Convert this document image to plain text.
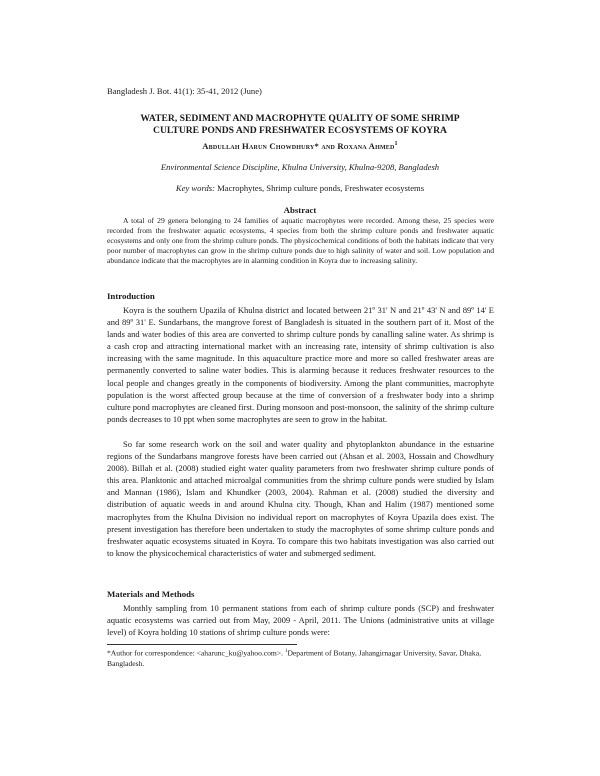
Bangladesh J. Bot. 41(1): 35-41, 2012 (June)
WATER, SEDIMENT AND MACROPHYTE QUALITY OF SOME SHRIMP
CULTURE PONDS AND FRESHWATER ECOSYSTEMS OF KOYRA
Abdullah Harun Chowdhury* and Roxana Ahmed$^1$
Environmental Science Discipline, Khulna University, Khulna-9208, Bangladesh
Key words: Macrophytes, Shrimp culture ponds, Freshwater ecosystems
Abstract
A total of 29 genera belonging to 24 families of aquatic macrophytes were recorded. Among these, 25 species were recorded from the freshwater aquatic ecosystems, 4 species from both the shrimp culture ponds and freshwater aquatic ecosystems and only one from the shrimp culture ponds. The physicochemical conditions of both the habitats indicate that very poor number of macrophytes can grow in the shrimp culture ponds due to high salinity of water and soil. Low population and abundance indicate that the macrophytes are in alarming condition in Koyra due to increasing salinity.
Introduction

Koyra is the southern Upazila of Khulna district and located between 21º 31' N and 21º 43' N and 89º 14' E and 89º 31' E. Sundarbans, the mangrove forest of Bangladesh is situated in the southern part of it. Most of the lands and water bodies of this area are converted to shrimp culture ponds by canalling saline water. As shrimp is a cash crop and attracting international market with an increasing rate, intensity of shrimp cultivation is also increasing with the same magnitude. In this aquaculture practice more and more so called freshwater areas are permanently converted to saline water bodies. This is alarming because it reduces freshwater resources to the local people and changes greatly in the components of biodiversity. Among the plant communities, macrophyte population is the worst affected group because at the time of conversion of a freshwater body into a shrimp culture pond macrophytes are cleaned first. During monsoon and post-monsoon, the salinity of the shrimp culture ponds decreases to 10 ppt when some macrophytes are seen to grow in the habitat.

So far some research work on the soil and water quality and phytoplankton abundance in the estuarine regions of the Sundarbans mangrove forests have been carried out (Ahsan et al. 2003, Hossain and Chowdhury 2008). Billah et al. (2008) studied eight water quality parameters from two freshwater shrimp culture ponds of this area. Planktonic and attached microalgal communities from the shrimp culture ponds were studied by Islam and Mannan (1986), Islam and Khundker (2003, 2004). Rahman et al. (2008) studied the diversity and distribution of aquatic weeds in and around Khulna city. Though, Khan and Halim (1987) mentioned some macrophytes from the Khulna Division no individual report on macrophytes of Koyra Upazila does exist. The present investigation has therefore been undertaken to study the macrophytes of some shrimp culture ponds and freshwater aquatic ecosystems situated in Koyra. To compare this two habitats investigation was also carried out to know the physicochemical characteristics of water and submerged sediment.

Materials and Methods

Monthly sampling from 10 permanent stations from each of shrimp culture ponds (SCP) and freshwater aquatic ecosystems was carried out from May, 2009 - April, 2011. The Unions (administrative units at village level) of Koyra holding 10 stations of shrimp culture ponds were:

*Author for correspondence: <aharunc_ku@yahoo.com>. $^1$Department of Botany, Jahangirnagar University, Savar, Dhaka, Bangladesh.
